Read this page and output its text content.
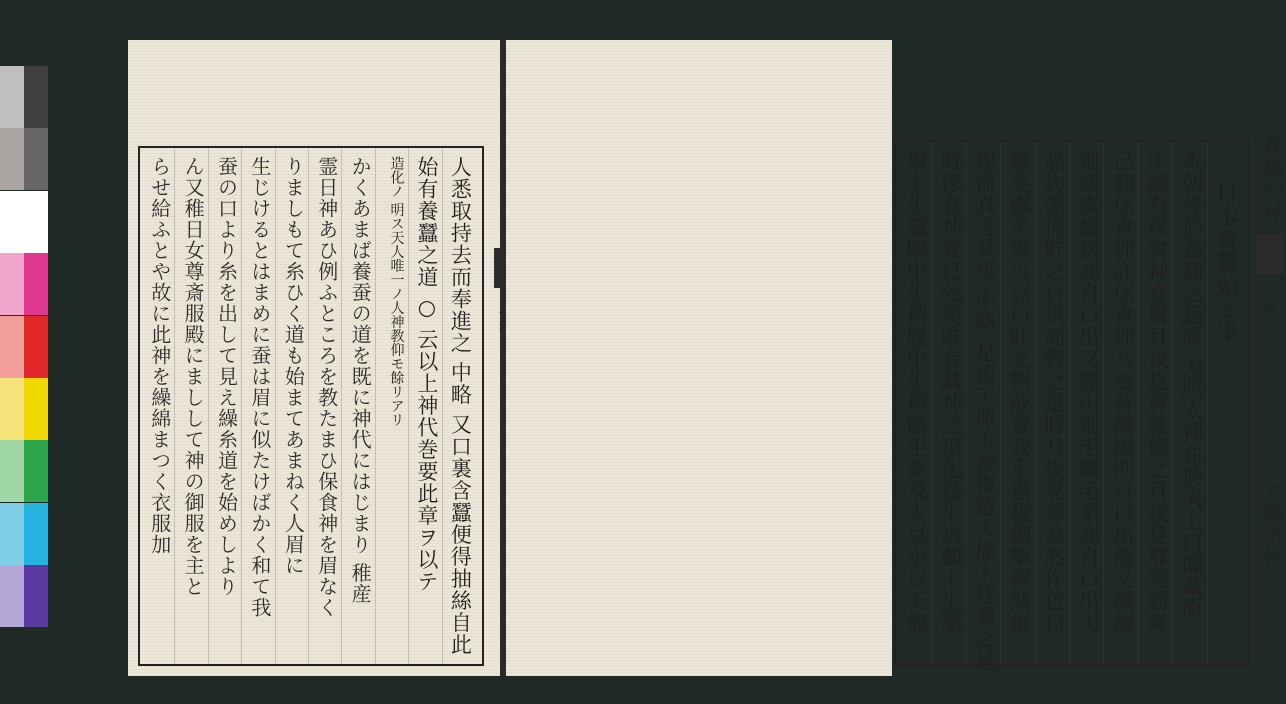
人悉取持去而奉進之 中略 又口裏含蠶便得抽絲自此
始有養蠶之道 ○ 云以上神代巻要此章ヲ以テ
造化ノ 明ス天人唯一ノ人神教仰モ餘リアリ
かくあまば養蚕の道を既に神代にはじまり 稚産
霊日神あひ例ふところを教たまひ保食神を眉なく
りましもて糸ひく道も始まてあまねく人眉に
生じけるとはまめに蚕は眉に似たけばかく和て我
蚕の口より糸を出して見え繰糸道を始めしより
ん又稚日女尊斎服殿にましして神の御服を主と
らせ給ふとや故に此神を繰綿まつく衣服加	養蠶秘録
上巻
有鄰堂梓
日本養蠶始之事
本朝尋於養蠶之起原 天照太神在於天上曰聞葦原
中國有保食神宜爾月夜見尊就候之月夜見尊受勅降
已到保食神許保食神乃廻首嚮國則自口出飯又嚮海
則鰭廣鰭狹亦自口出又嚮山則毛麤毛柔亦自口出夫
品物悉備貯之百机而饗之是時月夜見尊忿然作色曰
穢矣鄙矣寧可以口吐之物敢養我乎廼拔劍擊殺然後
復命具言其事 中略 是後天照太神復遣天熊人往看之是
時保食神實已死矣唯有其神之頂化爲牛馬顱上生粟
眉上生蠶眼中生稗腹中生稻陰生麥及大豆小豆天熊
